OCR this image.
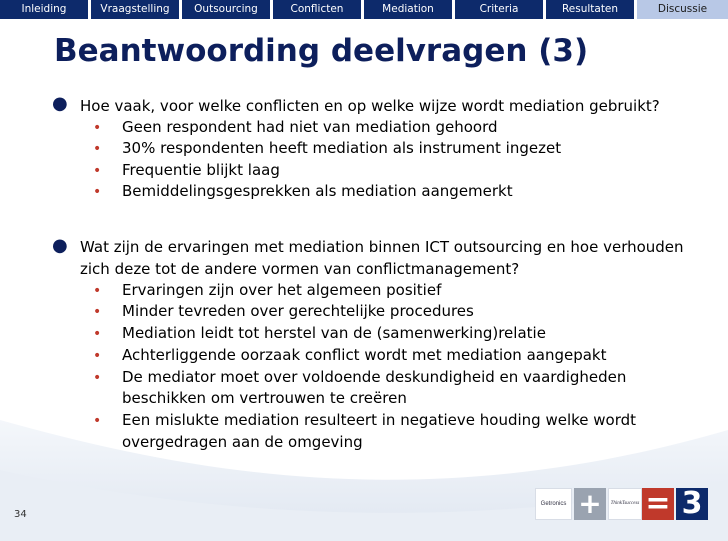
Inleiding	Vraagstelling	Outsourcing	Conflicten	Mediation	Criteria	Resultaten	Discussie
Beantwoording deelvragen (3)
● Hoe vaak, voor welke conflicten en op welke wijze wordt mediation gebruikt?
• Geen respondent had niet van mediation gehoord
• 30% respondenten heeft mediation als instrument ingezet
• Frequentie blijkt laag
• Bemiddelingsgesprekken als mediation aangemerkt
● Wat zijn de ervaringen met mediation binnen ICT outsourcing en hoe verhouden
zich deze tot de andere vormen van conflictmanagement?
• Ervaringen zijn over het algemeen positief
• Minder tevreden over gerechtelijke procedures
• Mediation leidt tot herstel van de (samenwerking)relatie
• Achterliggende oorzaak conflict wordt met mediation aangepakt
• De mediator moet over voldoende deskundigheid en vaardigheden
beschikken om vertrouwen te creëren
• Een mislukte mediation resulteert in negatieve houding welke wordt
overgedragen aan de omgeving
34
Getronics +	ThinkTsuccess = 3
